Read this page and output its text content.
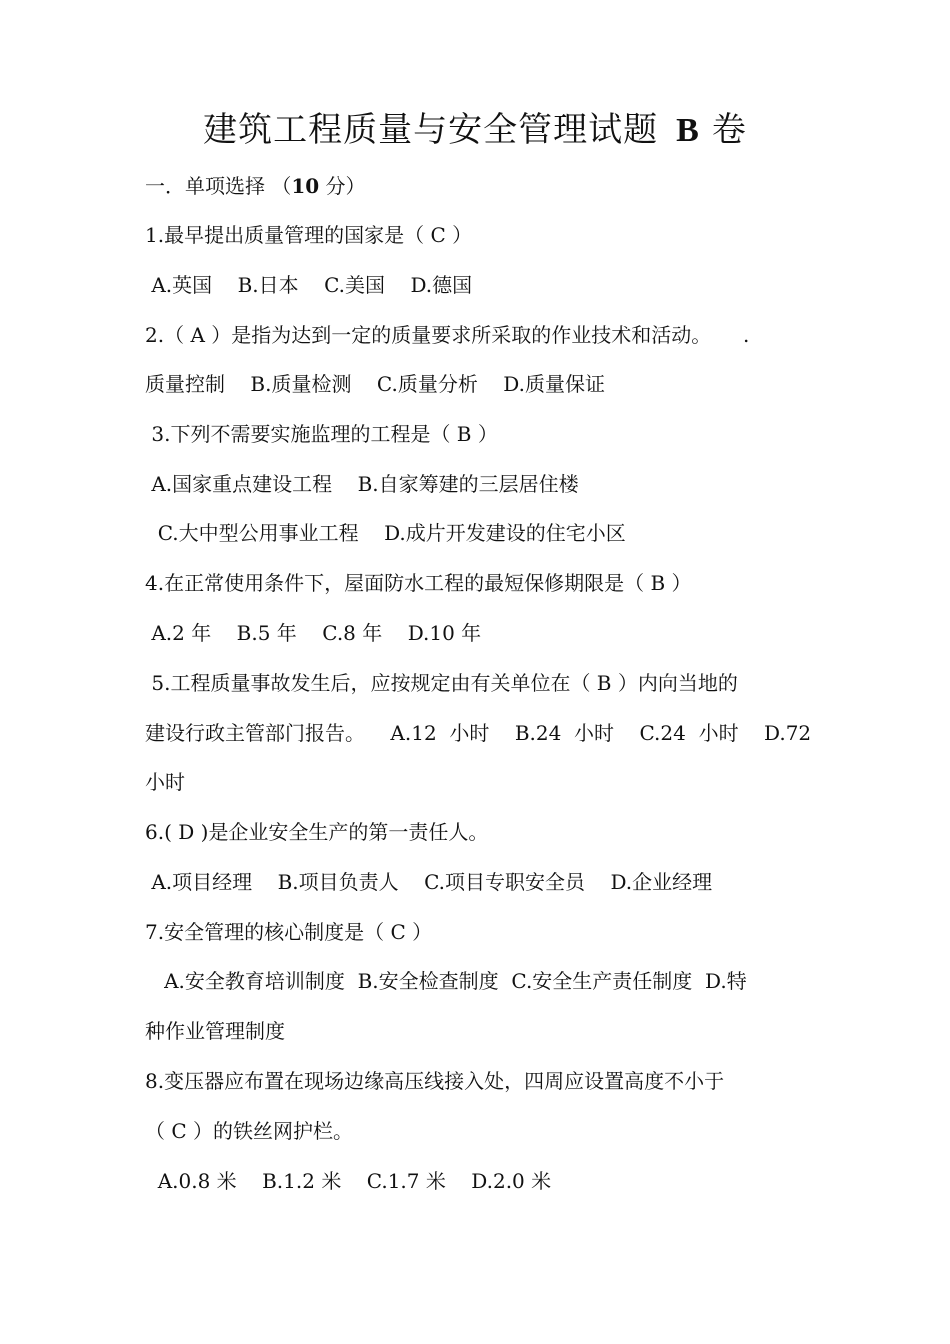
建筑工程质量与安全管理试题 B 卷
一．单项选择 （10 分）
1.最早提出质量管理的国家是（ C ）
A.英国    B.日本    C.美国    D.德国
2.（ A ）是指为达到一定的质量要求所采取的作业技术和活动。     .
质量控制    B.质量检测    C.质量分析    D.质量保证
3.下列不需要实施监理的工程是（ B ）
A.国家重点建设工程    B.自家筹建的三层居住楼
C.大中型公用事业工程    D.成片开发建设的住宅小区
4.在正常使用条件下，屋面防水工程的最短保修期限是（ B ）
A.2 年    B.5 年    C.8 年    D.10 年
5.工程质量事故发生后，应按规定由有关单位在（ B ）内向当地的
建设行政主管部门报告。    A.12  小时    B.24  小时    C.24  小时    D.72
小时
6.( D )是企业安全生产的第一责任人。
A.项目经理    B.项目负责人    C.项目专职安全员    D.企业经理
7.安全管理的核心制度是（ C ）
A.安全教育培训制度  B.安全检查制度  C.安全生产责任制度  D.特
种作业管理制度
8.变压器应布置在现场边缘高压线接入处，四周应设置高度不小于
（ C ）的铁丝网护栏。
A.0.8 米    B.1.2 米    C.1.7 米    D.2.0 米
